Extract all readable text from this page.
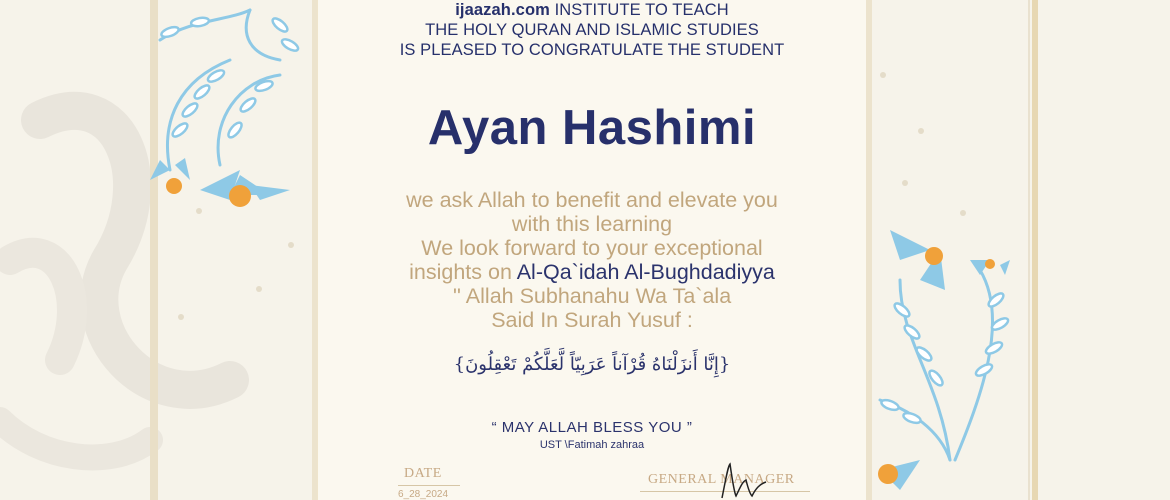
ijaazah.com INSTITUTE TO TEACH
THE HOLY QURAN AND ISLAMIC STUDIES
IS PLEASED TO CONGRATULATE THE STUDENT
Ayan Hashimi
we ask Allah to benefit and elevate you
with this learning
We look forward to your exceptional
insights on Al-Qa`idah Al-Bughdadiyya
'' Allah Subhanahu Wa Ta`ala
Said In Surah Yusuf :
{إِنَّا أَنزَلْنَاهُ قُرْآناً عَرَبِيّاً لَّعَلَّكُمْ تَعْقِلُونَ}
“ MAY ALLAH BLESS YOU ”
UST \Fatimah zahraa
DATE
6_28_2024
GENERAL MANAGER
